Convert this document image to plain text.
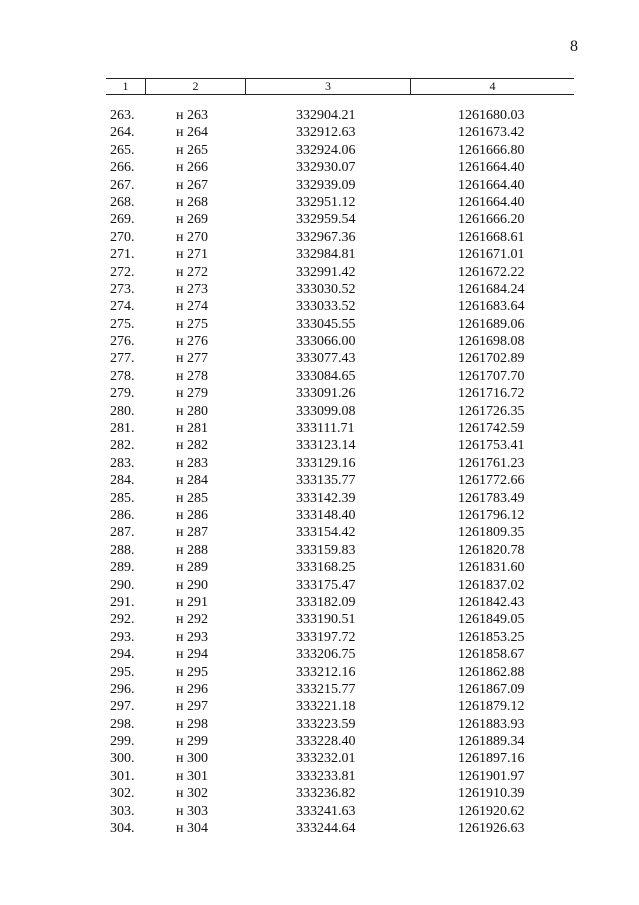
8
1	2	3	4
263.	н 263	332904.21	1261680.03
264.	н 264	332912.63	1261673.42
265.	н 265	332924.06	1261666.80
266.	н 266	332930.07	1261664.40
267.	н 267	332939.09	1261664.40
268.	н 268	332951.12	1261664.40
269.	н 269	332959.54	1261666.20
270.	н 270	332967.36	1261668.61
271.	н 271	332984.81	1261671.01
272.	н 272	332991.42	1261672.22
273.	н 273	333030.52	1261684.24
274.	н 274	333033.52	1261683.64
275.	н 275	333045.55	1261689.06
276.	н 276	333066.00	1261698.08
277.	н 277	333077.43	1261702.89
278.	н 278	333084.65	1261707.70
279.	н 279	333091.26	1261716.72
280.	н 280	333099.08	1261726.35
281.	н 281	333111.71	1261742.59
282.	н 282	333123.14	1261753.41
283.	н 283	333129.16	1261761.23
284.	н 284	333135.77	1261772.66
285.	н 285	333142.39	1261783.49
286.	н 286	333148.40	1261796.12
287.	н 287	333154.42	1261809.35
288.	н 288	333159.83	1261820.78
289.	н 289	333168.25	1261831.60
290.	н 290	333175.47	1261837.02
291.	н 291	333182.09	1261842.43
292.	н 292	333190.51	1261849.05
293.	н 293	333197.72	1261853.25
294.	н 294	333206.75	1261858.67
295.	н 295	333212.16	1261862.88
296.	н 296	333215.77	1261867.09
297.	н 297	333221.18	1261879.12
298.	н 298	333223.59	1261883.93
299.	н 299	333228.40	1261889.34
300.	н 300	333232.01	1261897.16
301.	н 301	333233.81	1261901.97
302.	н 302	333236.82	1261910.39
303.	н 303	333241.63	1261920.62
304.	н 304	333244.64	1261926.63
